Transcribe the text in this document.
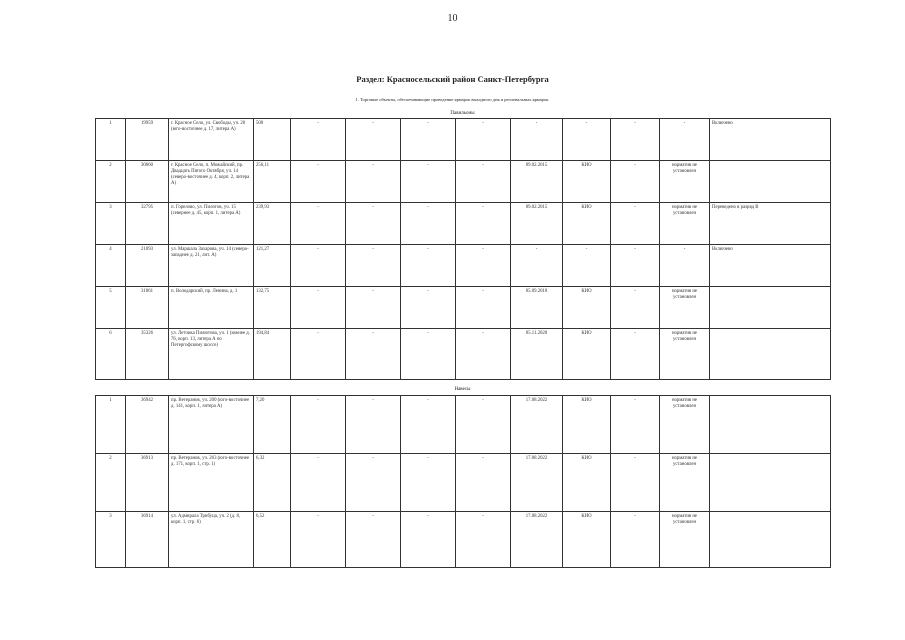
10
Раздел: Красносельский район Санкт-Петербурга
1. Торговые объекты, обеспечивающие проведение ярмарок выходного дня и региональных ярмарок.
Павильоны
1	19959	г. Красное Село, ул. Свободы, уч. 20 (юго-восточнее д. 17, литера А)	500	-	-	-	-	-	-	-	-	Включено
2	30660	г. Красное Село, п. Можайский, пр. Двадцать Пятого Октября, уч. 14 (северо-восточнее д. 4, корп. 2, литера А)	256,11	-	-	-	-	09.02.2015	КИО	-	норматив не установлен	
3	32795	п. Горелово, ул. Пилотов, уч. 15 (севернее д. 45, корп. 1, литера А)	239,93	-	-	-	-	09.02.2015	КИО	-	норматив не установлен	Переведено в разряд В
4	21093	ул. Маршала Захарова, уч. 14 (северо-западнее д. 21, лит. А)	121,27	-	-	-	-	-	-	-	-	Включено
5	31861	п. Володарский, пр. Ленина, д. 1	132,75	-	-	-	-	05.09.2018	КИО	-	норматив не установлен	
6	35326	ул. Летчика Пилютова, уч. 1 (южнее д. 76, корп. 13, литера А по Петергофскому шоссе)	194,84	-	-	-	-	05.11.2020	КИО	-	норматив не установлен	
Навесы
1	36942	пр. Ветеранов, уч. 200 (юго-восточнее д. 141, корп. 1, литера А)	7,20	-	-	-	-	17.08.2022	КИО	-	норматив не установлен	
2	36913	пр. Ветеранов, уч. 263 (юго-восточнее д. 171, корп. 1, стр. 1)	6,32	-	-	-	-	17.08.2022	КИО	-	норматив не установлен	
3	36914	ул. Адмирала Трибуца, уч. 2 (д. 8, корп. 1, стр. 6)	6,52	-	-	-	-	17.08.2022	КИО	-	норматив не установлен	
